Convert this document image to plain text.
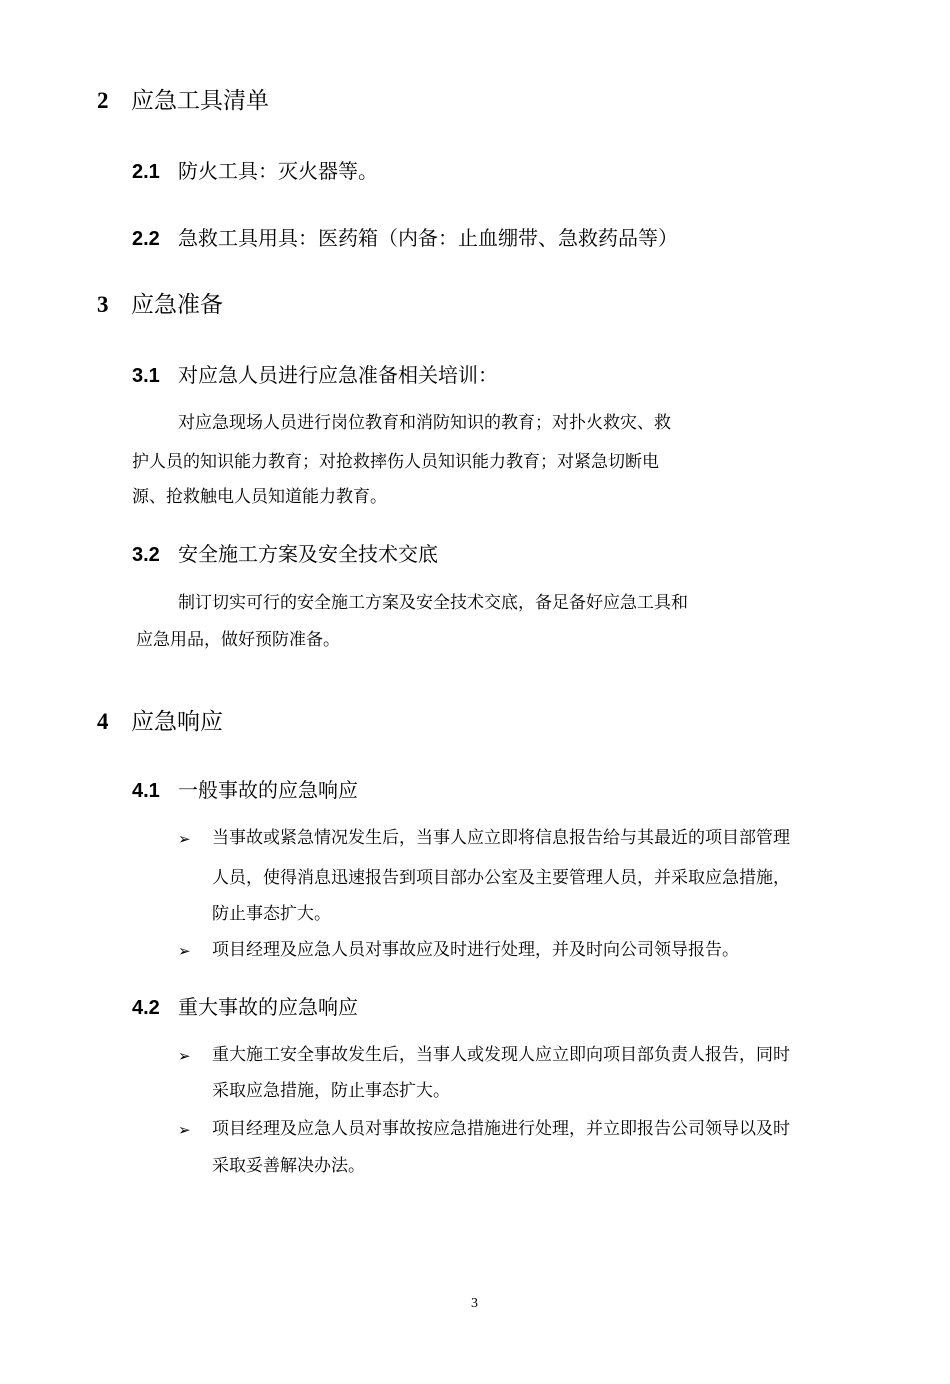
2 应急工具清单
2.1 防火工具：灭火器等。
2.2 急救工具用具：医药箱（内备：止血绷带、急救药品等）
3 应急准备
3.1 对应急人员进行应急准备相关培训：
对应急现场人员进行岗位教育和消防知识的教育；对扑火救灾、救
护人员的知识能力教育；对抢救摔伤人员知识能力教育；对紧急切断电
源、抢救触电人员知道能力教育。
3.2 安全施工方案及安全技术交底
制订切实可行的安全施工方案及安全技术交底，备足备好应急工具和
应急用品，做好预防准备。
4 应急响应
4.1 一般事故的应急响应
➢ 当事故或紧急情况发生后，当事人应立即将信息报告给与其最近的项目部管理
人员，使得消息迅速报告到项目部办公室及主要管理人员，并采取应急措施，
防止事态扩大。
➢ 项目经理及应急人员对事故应及时进行处理，并及时向公司领导报告。
4.2 重大事故的应急响应
➢ 重大施工安全事故发生后，当事人或发现人应立即向项目部负责人报告，同时
采取应急措施，防止事态扩大。
➢ 项目经理及应急人员对事故按应急措施进行处理，并立即报告公司领导以及时
采取妥善解决办法。
3
